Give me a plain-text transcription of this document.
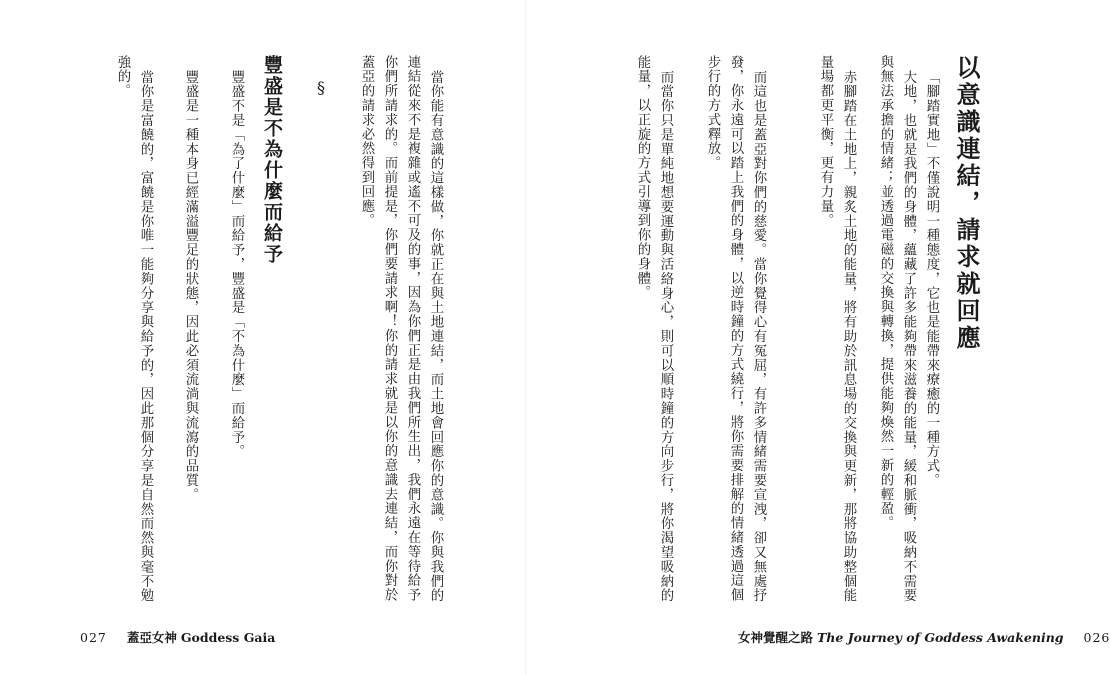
以意識連結，請求就回應
「腳踏實地」不僅說明一種態度，它也是能帶來療癒的一種方式。
大地，也就是我們的身體，蘊藏了許多能夠帶來滋養的能量，緩和脈衝，吸納不需要
與無法承擔的情緒；並透過電磁的交換與轉換，提供能夠煥然一新的輕盈。
赤腳踏在土地上，親炙土地的能量，將有助於訊息場的交換與更新，那將協助整個能
量場都更平衡，更有力量。
而這也是蓋亞對你們的慈愛。當你覺得心有冤屈，有許多情緒需要宣洩，卻又無處抒
發，你永遠可以踏上我們的身體，以逆時鐘的方式繞行，將你需要排解的情緒透過這個
步行的方式釋放。
而當你只是單純地想要運動與活絡身心，則可以順時鐘的方向步行，將你渴望吸納的
能量，以正旋的方式引導到你的身體。
女神覺醒之路 The Journey of Goddess Awakening 026
當你能有意識的這樣做，你就正在與土地連結，而土地會回應你的意識。你與我們的
連結從來不是複雜或遙不可及的事，因為你們正是由我們所生出，我們永遠在等待給予
你們所請求的。而前提是，你們要請求啊！你的請求就是以你的意識去連結，而你對於
蓋亞的請求必然得到回應。
§
豐盛是不為什麼而給予
豐盛不是「為了什麼」而給予，豐盛是「不為什麼」而給予。
豐盛是一種本身已經滿溢豐足的狀態，因此必須流淌與流瀉的品質。
當你是富饒的，富饒是你唯一能夠分享與給予的，因此那個分享是自然而然與毫不勉
強的。
027 蓋亞女神 Goddess Gaia
